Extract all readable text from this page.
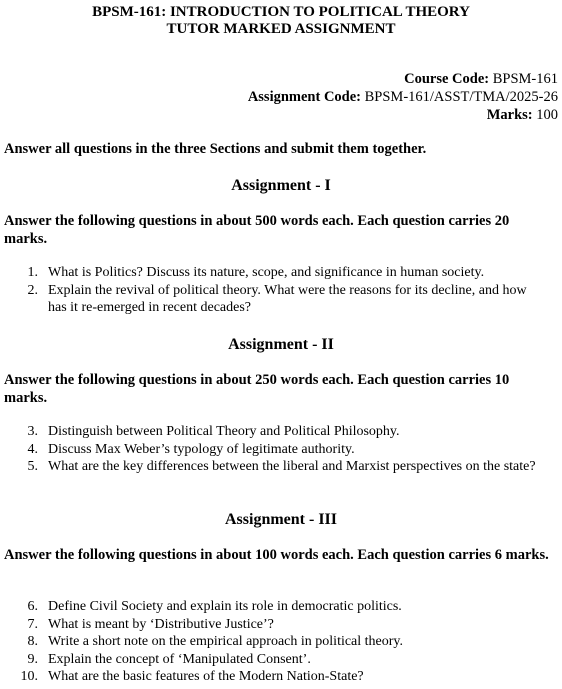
BPSM-161: INTRODUCTION TO POLITICAL THEORY
TUTOR MARKED ASSIGNMENT
Course Code: BPSM-161
Assignment Code: BPSM-161/ASST/TMA/2025-26
Marks: 100
Answer all questions in the three Sections and submit them together.
Assignment - I
Answer the following questions in about 500 words each. Each question carries 20 marks.
1. What is Politics? Discuss its nature, scope, and significance in human society.
2. Explain the revival of political theory. What were the reasons for its decline, and how has it re-emerged in recent decades?
Assignment - II
Answer the following questions in about 250 words each. Each question carries 10 marks.
3. Distinguish between Political Theory and Political Philosophy.
4. Discuss Max Weber’s typology of legitimate authority.
5. What are the key differences between the liberal and Marxist perspectives on the state?
Assignment - III
Answer the following questions in about 100 words each. Each question carries 6 marks.
6. Define Civil Society and explain its role in democratic politics.
7. What is meant by ‘Distributive Justice’?
8. Write a short note on the empirical approach in political theory.
9. Explain the concept of ‘Manipulated Consent’.
10. What are the basic features of the Modern Nation-State?
